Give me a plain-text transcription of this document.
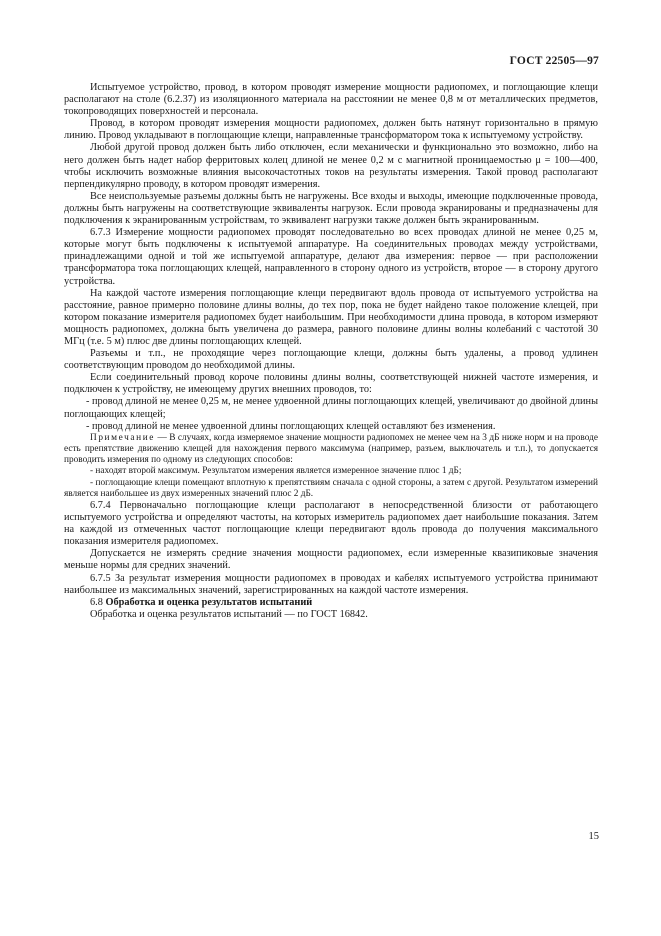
ГОСТ 22505—97

Испытуемое устройство, провод, в котором проводят измерение мощности радиопомех, и поглощающие клещи располагают на столе (6.2.37) из изоляционного материала на расстоянии не менее 0,8 м от металлических предметов, токопроводящих поверхностей и персонала.

Провод, в котором проводят измерения мощности радиопомех, должен быть натянут горизонтально в прямую линию. Провод укладывают в поглощающие клещи, направленные трансформатором тока к испытуемому устройству.

Любой другой провод должен быть либо отключен, если механически и функционально это возможно, либо на него должен быть надет набор ферритовых колец длиной не менее 0,2 м с магнитной проницаемостью μ = 100—400, чтобы исключить возможные влияния высокочастотных токов на результаты измерения. Такой провод располагают перпендикулярно проводу, в котором проводят измерения.

Все неиспользуемые разъемы должны быть не нагружены. Все входы и выходы, имеющие подключенные провода, должны быть нагружены на соответствующие эквиваленты нагрузок. Если провода экранированы и предназначены для подключения к экранированным устройствам, то эквивалент нагрузки также должен быть экранированным.

6.7.3 Измерение мощности радиопомех проводят последовательно во всех проводах длиной не менее 0,25 м, которые могут быть подключены к испытуемой аппаратуре. На соединительных проводах между устройствами, принадлежащими одной и той же испытуемой аппаратуре, делают два измерения: первое — при расположении трансформатора тока поглощающих клещей, направленного в сторону одного из устройств, второе — в сторону другого устройства.

На каждой частоте измерения поглощающие клещи передвигают вдоль провода от испытуемого устройства на расстояние, равное примерно половине длины волны, до тех пор, пока не будет найдено такое положение клещей, при котором показание измерителя радиопомех будет наибольшим. При необходимости длина провода, в котором измеряют мощность радиопомех, должна быть увеличена до размера, равного половине длины волны колебаний с частотой 30 МГц (т.е. 5 м) плюс две длины поглощающих клещей.

Разъемы и т.п., не проходящие через поглощающие клещи, должны быть удалены, а провод удлинен соответствующим проводом до необходимой длины.

Если соединительный провод короче половины длины волны, соответствующей нижней частоте измерения, и подключен к устройству, не имеющему других внешних проводов, то:

- провод длиной не менее 0,25 м, не менее удвоенной длины поглощающих клещей, увеличивают до двойной длины поглощающих клещей;

- провод длиной не менее удвоенной длины поглощающих клещей оставляют без изменения.

Примечание — В случаях, когда измеряемое значение мощности радиопомех не менее чем на 3 дБ ниже норм и на проводе есть препятствие движению клещей для нахождения первого максимума (например, разъем, выключатель и т.п.), то допускается проводить измерения по одному из следующих способов:

- находят второй максимум. Результатом измерения является измеренное значение плюс 1 дБ;

- поглощающие клещи помещают вплотную к препятствиям сначала с одной стороны, а затем с другой. Результатом измерений является наибольшее из двух измеренных значений плюс 2 дБ.

6.7.4 Первоначально поглощающие клещи располагают в непосредственной близости от работающего испытуемого устройства и определяют частоты, на которых измеритель радиопомех дает наибольшие показания. Затем на каждой из отмеченных частот поглощающие клещи передвигают вдоль провода до получения максимального показания измерителя радиопомех.

Допускается не измерять средние значения мощности радиопомех, если измеренные квазипиковые значения меньше нормы для средних значений.

6.7.5 За результат измерения мощности радиопомех в проводах и кабелях испытуемого устройства принимают наибольшее из максимальных значений, зарегистрированных на каждой частоте измерения.

6.8 Обработка и оценка результатов испытаний

Обработка и оценка результатов испытаний — по ГОСТ 16842.

15
